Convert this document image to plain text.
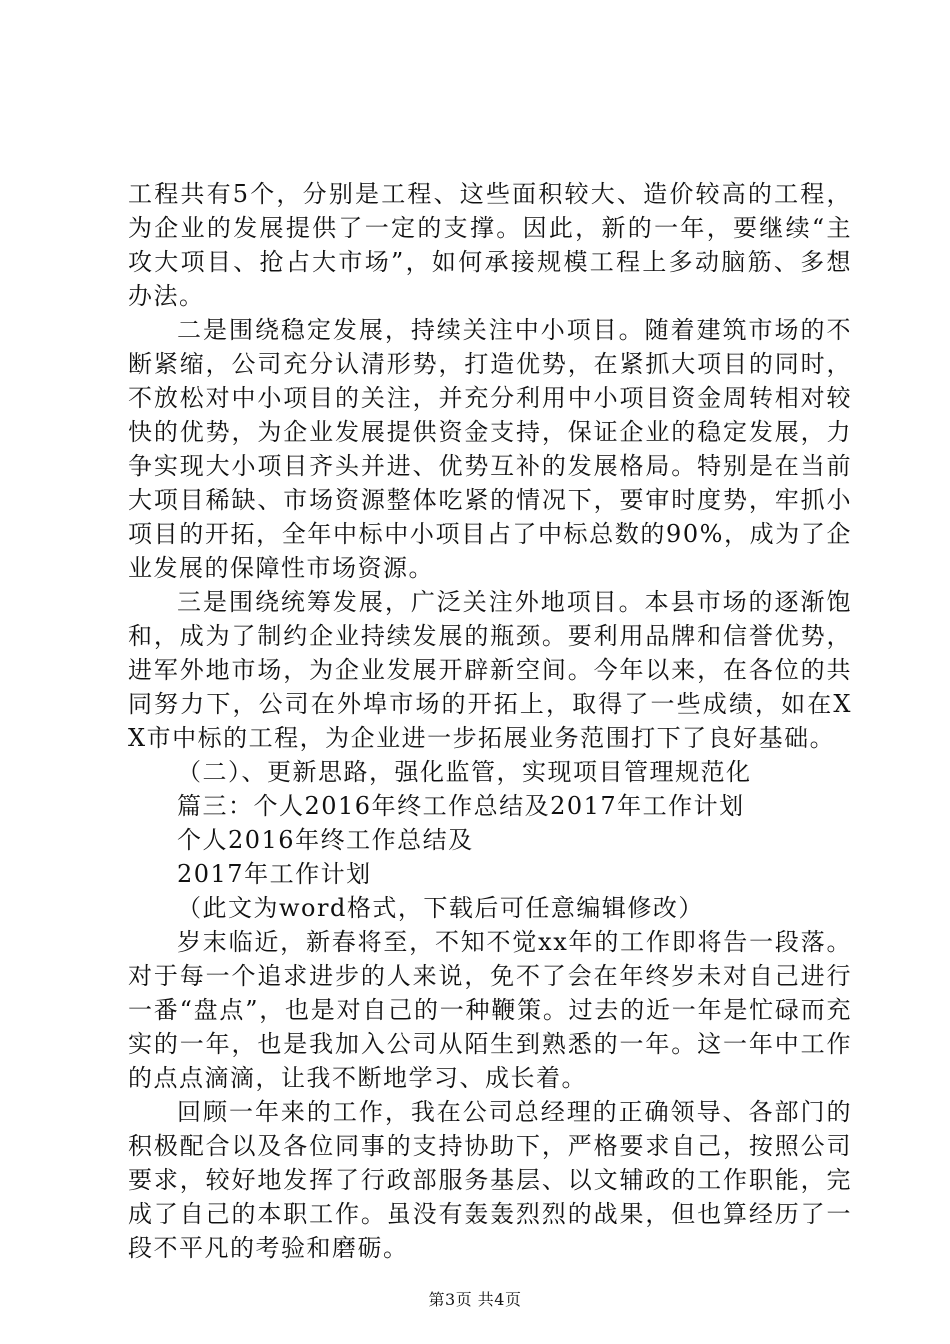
工程共有5个，分别是工程、这些面积较大、造价较高的工程，为企业的发展提供了一定的支撑。因此，新的一年，要继续“主攻大项目、抢占大市场”，如何承接规模工程上多动脑筋、多想办法。

二是围绕稳定发展，持续关注中小项目。随着建筑市场的不断紧缩，公司充分认清形势，打造优势，在紧抓大项目的同时，不放松对中小项目的关注，并充分利用中小项目资金周转相对较快的优势，为企业发展提供资金支持，保证企业的稳定发展，力争实现大小项目齐头并进、优势互补的发展格局。特别是在当前大项目稀缺、市场资源整体吃紧的情况下，要审时度势，牢抓小项目的开拓，全年中标中小项目占了中标总数的90%，成为了企业发展的保障性市场资源。

三是围绕统筹发展，广泛关注外地项目。本县市场的逐渐饱和，成为了制约企业持续发展的瓶颈。要利用品牌和信誉优势，进军外地市场，为企业发展开辟新空间。今年以来，在各位的共同努力下，公司在外埠市场的开拓上，取得了一些成绩，如在XX市中标的工程，为企业进一步拓展业务范围打下了良好基础。

（二）、更新思路，强化监管，实现项目管理规范化

篇三：个人2016年终工作总结及2017年工作计划

个人2016年终工作总结及

2017年工作计划

（此文为word格式，下载后可任意编辑修改）

岁末临近，新春将至，不知不觉xx年的工作即将告一段落。对于每一个追求进步的人来说，免不了会在年终岁未对自己进行一番“盘点”，也是对自己的一种鞭策。过去的近一年是忙碌而充实的一年，也是我加入公司从陌生到熟悉的一年。这一年中工作的点点滴滴，让我不断地学习、成长着。

回顾一年来的工作，我在公司总经理的正确领导、各部门的积极配合以及各位同事的支持协助下，严格要求自己，按照公司要求，较好地发挥了行政部服务基层、以文辅政的工作职能，完成了自己的本职工作。虽没有轰轰烈烈的战果，但也算经历了一段不平凡的考验和磨砺。

第3页 共4页
